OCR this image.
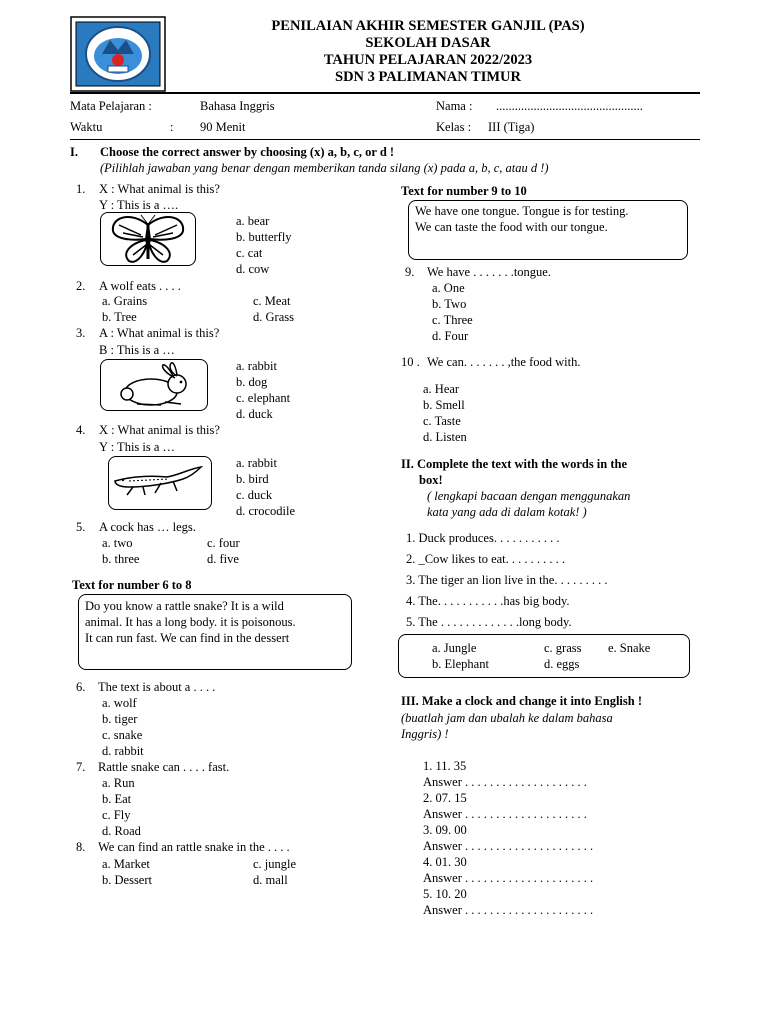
PENILAIAN AKHIR SEMESTER GANJIL (PAS)
SEKOLAH DASAR
TAHUN PELAJARAN 2022/2023
SDN 3 PALIMANAN TIMUR
Mata Pelajaran :	Bahasa Inggris
Waktu	: 90 Menit
Nama : ...............................................
Kelas : III (Tiga)
I. Choose the correct answer by choosing (x) a, b, c, or d !
(Pilihlah jawaban yang benar dengan memberikan tanda silang (x) pada a, b, c, atau d !)
1. X : What animal is this?
Y : This is a ….
a. bear
b. butterfly
c. cat
d. cow
2. A wolf eats . . . .
a. Grains
b. Tree
c. Meat
d. Grass
3. A : What animal is this?
B : This is a …
a. rabbit
b. dog
c. elephant
d. duck
4. X : What animal is this?
Y : This is a …
a. rabbit
b. bird
c. duck
d. crocodile
5. A cock has … legs.
a. two
b. three
c. four
d. five
Text for number 6 to 8
Do you know a rattle snake? It is a wild
animal. It has a long body. it is poisonous.
It can run fast. We can find in the dessert
6. The text is about a . . . .
a. wolf
b. tiger
c. snake
d. rabbit
7. Rattle snake can . . . . fast.
a. Run
b. Eat
c. Fly
d. Road
8. We can find an rattle snake in the . . . .
a. Market
b. Dessert
c. jungle
d. mall
Text for number 9 to 10
We have one tongue. Tongue is for testing.
We can taste the food with our tongue.
9. We have . . . . . . .tongue.
a. One
b. Two
c. Three
d. Four
10 . We can. . . . . . . ,the food with.
a. Hear
b. Smell
c. Taste
d. Listen
II. Complete the text with the words in the
box!
( lengkapi bacaan dengan menggunakan
kata yang ada di dalam kotak! )
1. Duck produces. . . . . . . . . . .
2. _Cow likes to eat. . . . . . . . . .
3. The tiger an lion live in the. . . . . . . . .
4. The. . . . . . . . . . .has big body.
5. The . . . . . . . . . . . . .long body.
a. Jungle
b. Elephant
c. grass
d. eggs
e. Snake
III. Make a clock and change it into English !
(buatlah jam dan ubalah ke dalam bahasa
Inggris) !
1. 11. 35
Answer . . . . . . . . . . . . . . . . . . . .
2. 07. 15
Answer . . . . . . . . . . . . . . . . . . . .
3. 09. 00
Answer . . . . . . . . . . . . . . . . . . . . .
4. 01. 30
Answer . . . . . . . . . . . . . . . . . . . . .
5. 10. 20
Answer . . . . . . . . . . . . . . . . . . . . .
